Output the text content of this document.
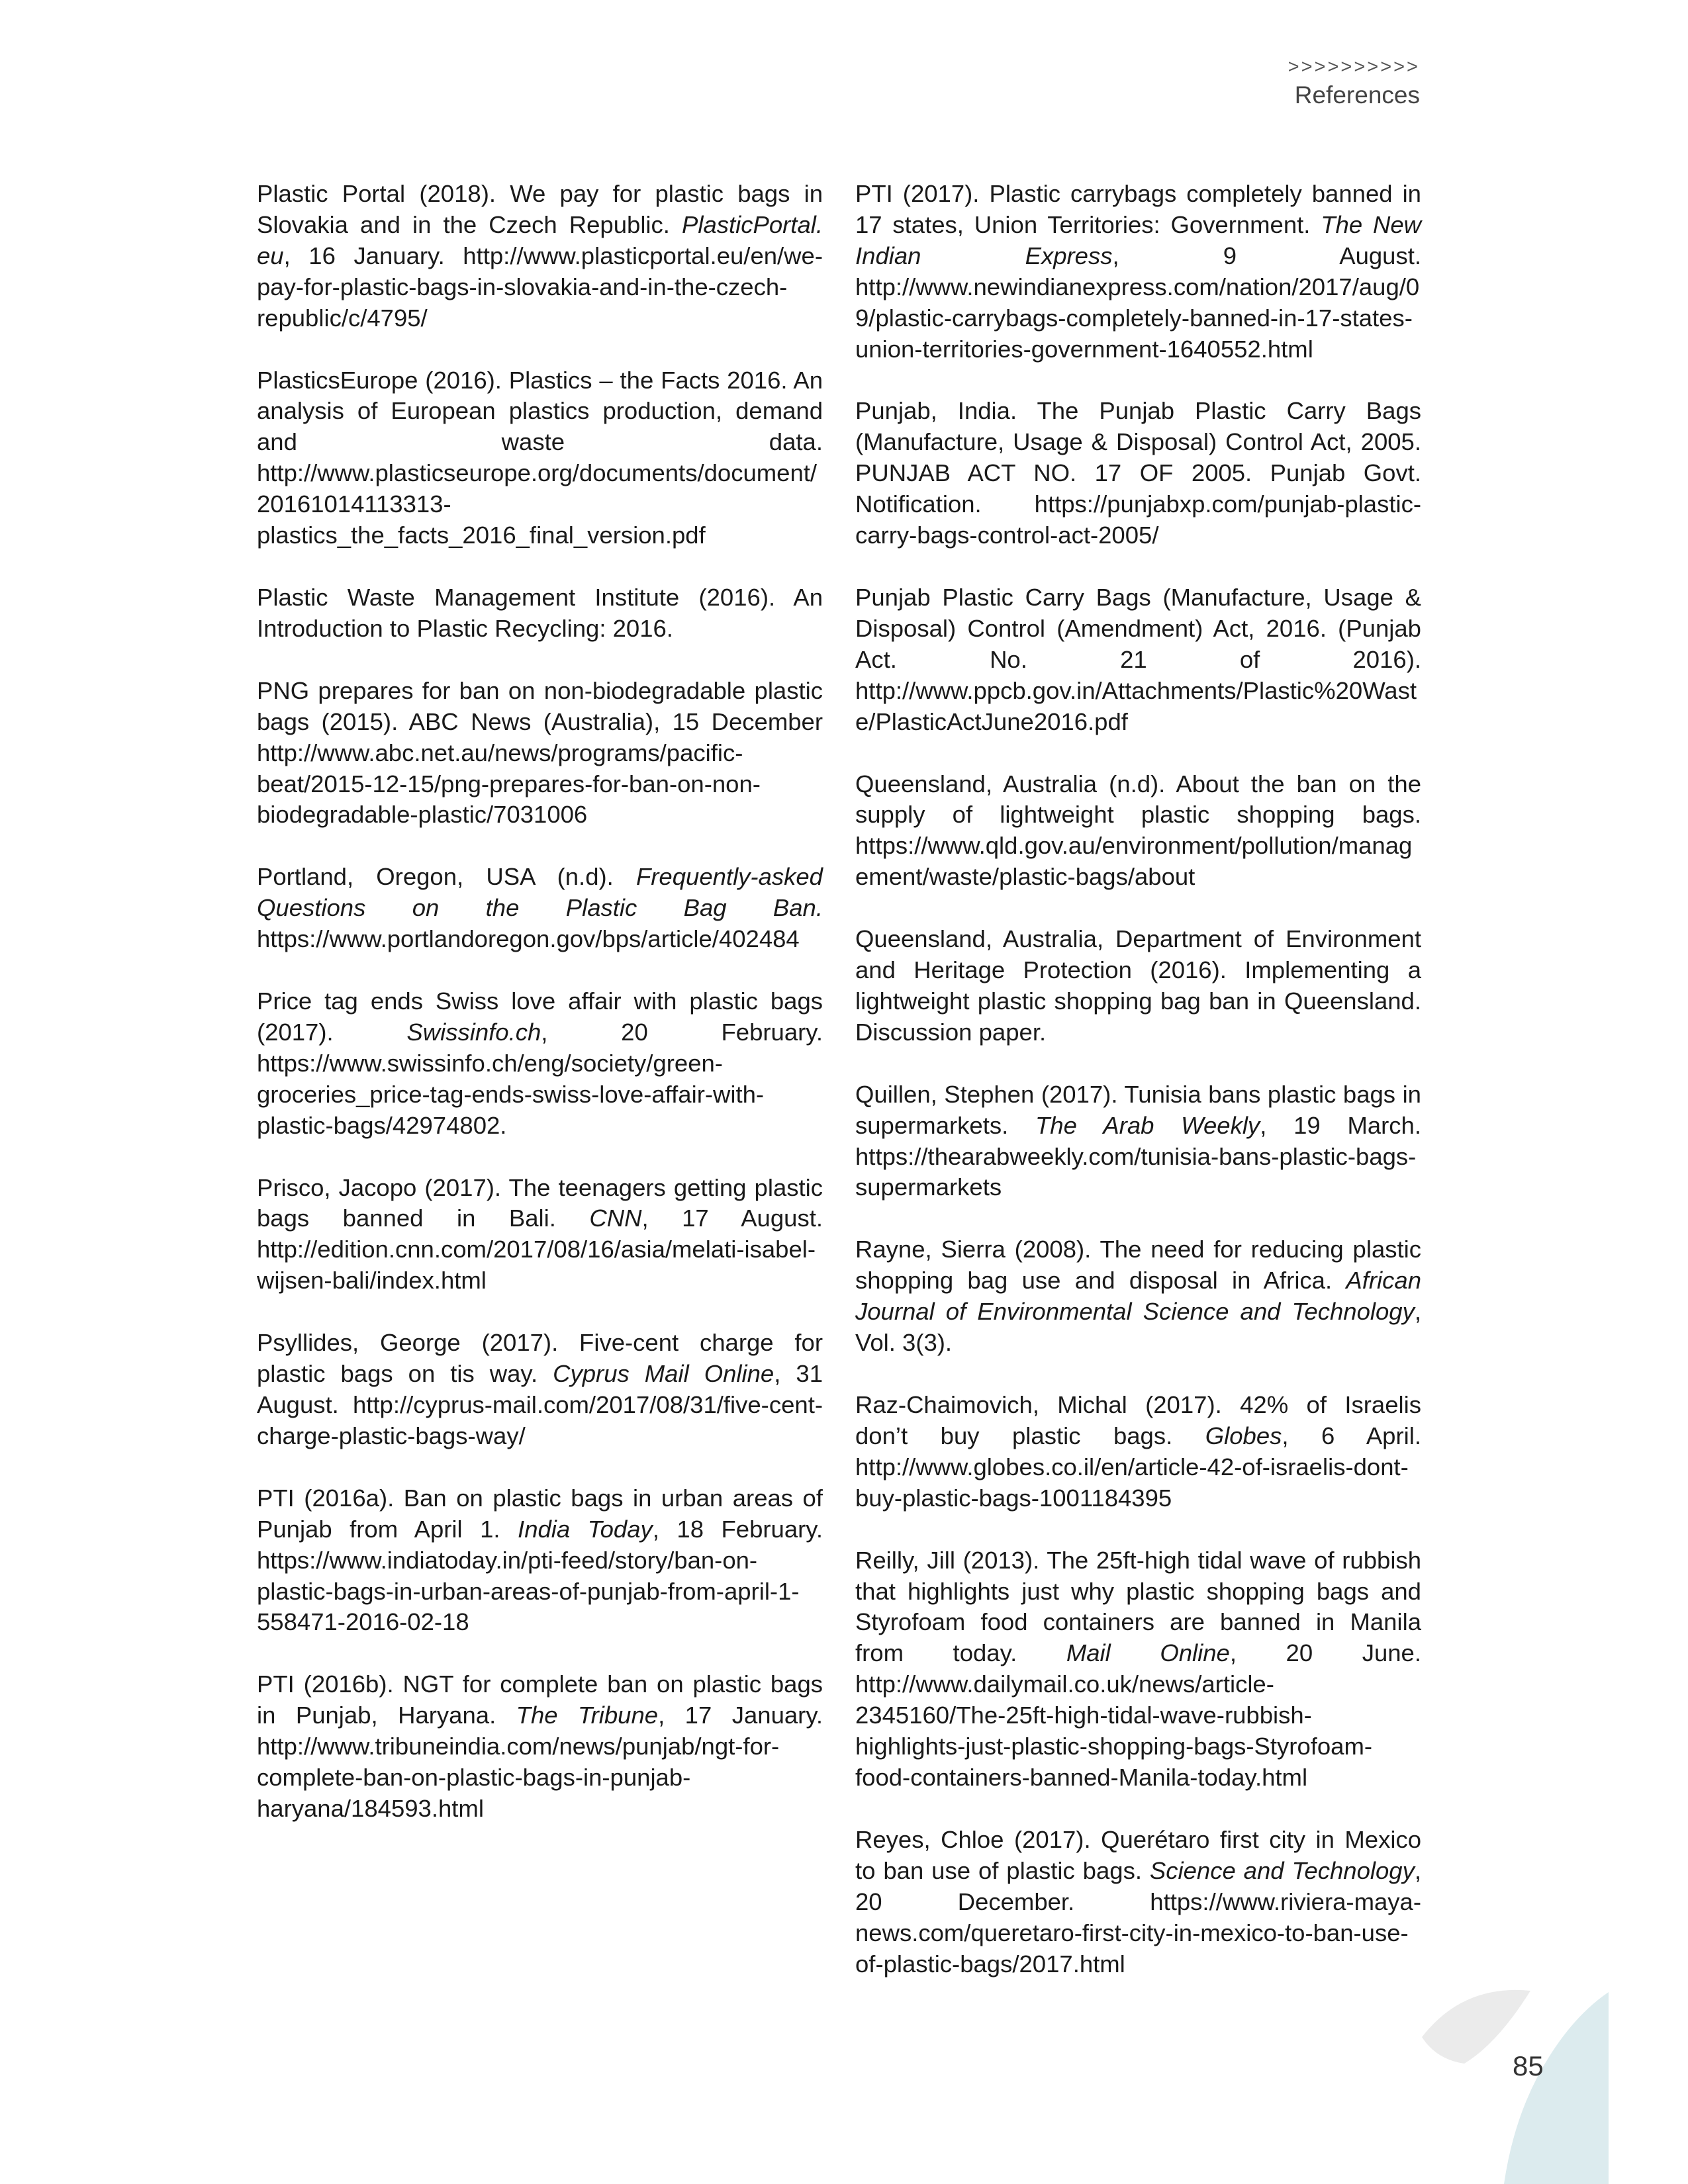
>>>>>>>>>>
References

Plastic Portal (2018). We pay for plastic bags in Slovakia and in the Czech Republic. PlasticPortal. eu, 16 January. http://www.plasticportal.eu/en/we-pay-for-plastic-bags-in-slovakia-and-in-the-czech-republic/c/4795/

PlasticsEurope (2016). Plastics – the Facts 2016. An analysis of European plastics production, demand and waste data. http://www.plasticseurope.org/documents/document/20161014113313-plastics_the_facts_2016_final_version.pdf

Plastic Waste Management Institute (2016). An Introduction to Plastic Recycling: 2016.

PNG prepares for ban on non-biodegradable plastic bags (2015). ABC News (Australia), 15 December http://www.abc.net.au/news/programs/pacific-beat/2015-12-15/png-prepares-for-ban-on-non-biodegradable-plastic/7031006

Portland, Oregon, USA (n.d). Frequently-asked Questions on the Plastic Bag Ban. https://www.portlandoregon.gov/bps/article/402484

Price tag ends Swiss love affair with plastic bags (2017). Swissinfo.ch, 20 February. https://www.swissinfo.ch/eng/society/green-groceries_price-tag-ends-swiss-love-affair-with-plastic-bags/42974802.

Prisco, Jacopo (2017). The teenagers getting plastic bags banned in Bali. CNN, 17 August. http://edition.cnn.com/2017/08/16/asia/melati-isabel-wijsen-bali/index.html

Psyllides, George (2017). Five-cent charge for plastic bags on tis way. Cyprus Mail Online, 31 August. http://cyprus-mail.com/2017/08/31/five-cent-charge-plastic-bags-way/

PTI (2016a). Ban on plastic bags in urban areas of Punjab from April 1. India Today, 18 February. https://www.indiatoday.in/pti-feed/story/ban-on-plastic-bags-in-urban-areas-of-punjab-from-april-1-558471-2016-02-18

PTI (2016b). NGT for complete ban on plastic bags in Punjab, Haryana. The Tribune, 17 January. http://www.tribuneindia.com/news/punjab/ngt-for-complete-ban-on-plastic-bags-in-punjab-haryana/184593.html

PTI (2017). Plastic carrybags completely banned in 17 states, Union Territories: Government. The New Indian Express, 9 August. http://www.newindianexpress.com/nation/2017/aug/09/plastic-carrybags-completely-banned-in-17-states-union-territories-government-1640552.html

Punjab, India. The Punjab Plastic Carry Bags (Manufacture, Usage & Disposal) Control Act, 2005. PUNJAB ACT NO. 17 OF 2005. Punjab Govt. Notification. https://punjabxp.com/punjab-plastic-carry-bags-control-act-2005/

Punjab Plastic Carry Bags (Manufacture, Usage & Disposal) Control (Amendment) Act, 2016. (Punjab Act. No. 21 of 2016). http://www.ppcb.gov.in/Attachments/Plastic%20Waste/PlasticActJune2016.pdf

Queensland, Australia (n.d). About the ban on the supply of lightweight plastic shopping bags. https://www.qld.gov.au/environment/pollution/management/waste/plastic-bags/about

Queensland, Australia, Department of Environment and Heritage Protection (2016). Implementing a lightweight plastic shopping bag ban in Queensland. Discussion paper.

Quillen, Stephen (2017). Tunisia bans plastic bags in supermarkets. The Arab Weekly, 19 March. https://thearabweekly.com/tunisia-bans-plastic-bags-supermarkets

Rayne, Sierra (2008). The need for reducing plastic shopping bag use and disposal in Africa. African Journal of Environmental Science and Technology, Vol. 3(3).

Raz-Chaimovich, Michal (2017). 42% of Israelis don’t buy plastic bags. Globes, 6 April. http://www.globes.co.il/en/article-42-of-israelis-dont-buy-plastic-bags-1001184395

Reilly, Jill (2013). The 25ft-high tidal wave of rubbish that highlights just why plastic shopping bags and Styrofoam food containers are banned in Manila from today. Mail Online, 20 June. http://www.dailymail.co.uk/news/article-2345160/The-25ft-high-tidal-wave-rubbish-highlights-just-plastic-shopping-bags-Styrofoam-food-containers-banned-Manila-today.html

Reyes, Chloe (2017). Querétaro first city in Mexico to ban use of plastic bags. Science and Technology, 20 December. https://www.riviera-maya-news.com/queretaro-first-city-in-mexico-to-ban-use-of-plastic-bags/2017.html

85
